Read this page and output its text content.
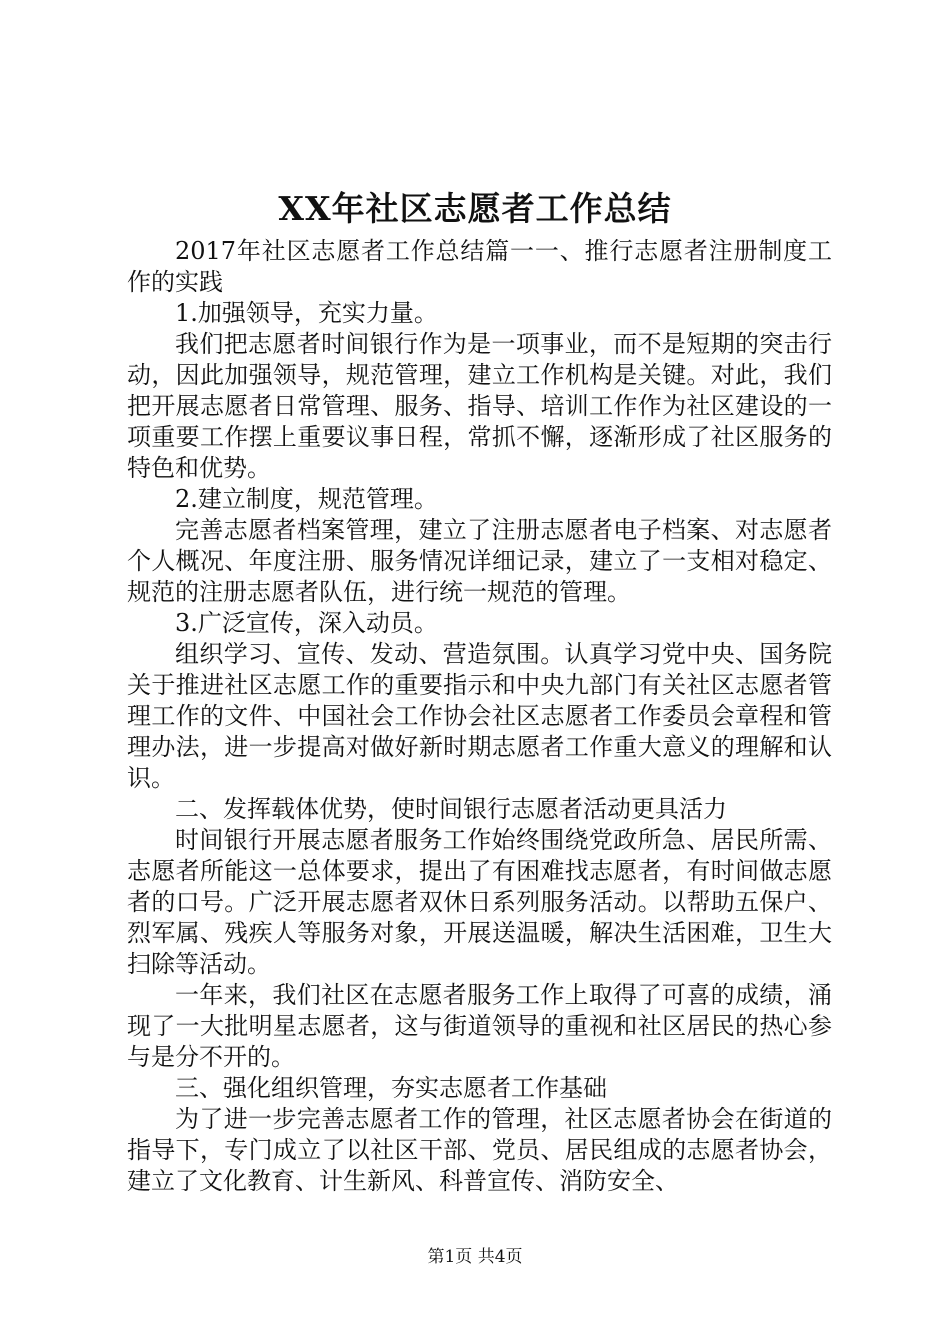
XX年社区志愿者工作总结

2017年社区志愿者工作总结篇一一、推行志愿者注册制度工作的实践

1.加强领导，充实力量。

我们把志愿者时间银行作为是一项事业，而不是短期的突击行动，因此加强领导，规范管理，建立工作机构是关键。对此，我们把开展志愿者日常管理、服务、指导、培训工作作为社区建设的一项重要工作摆上重要议事日程，常抓不懈，逐渐形成了社区服务的特色和优势。

2.建立制度，规范管理。

完善志愿者档案管理，建立了注册志愿者电子档案、对志愿者个人概况、年度注册、服务情况详细记录，建立了一支相对稳定、规范的注册志愿者队伍，进行统一规范的管理。

3.广泛宣传，深入动员。

组织学习、宣传、发动、营造氛围。认真学习党中央、国务院关于推进社区志愿工作的重要指示和中央九部门有关社区志愿者管理工作的文件、中国社会工作协会社区志愿者工作委员会章程和管理办法，进一步提高对做好新时期志愿者工作重大意义的理解和认识。

二、发挥载体优势，使时间银行志愿者活动更具活力

时间银行开展志愿者服务工作始终围绕党政所急、居民所需、志愿者所能这一总体要求，提出了有困难找志愿者，有时间做志愿者的口号。广泛开展志愿者双休日系列服务活动。以帮助五保户、烈军属、残疾人等服务对象，开展送温暖，解决生活困难，卫生大扫除等活动。

一年来，我们社区在志愿者服务工作上取得了可喜的成绩，涌现了一大批明星志愿者，这与街道领导的重视和社区居民的热心参与是分不开的。

三、强化组织管理，夯实志愿者工作基础

为了进一步完善志愿者工作的管理，社区志愿者协会在街道的指导下，专门成立了以社区干部、党员、居民组成的志愿者协会，建立了文化教育、计生新风、科普宣传、消防安全、

第1页 共4页
